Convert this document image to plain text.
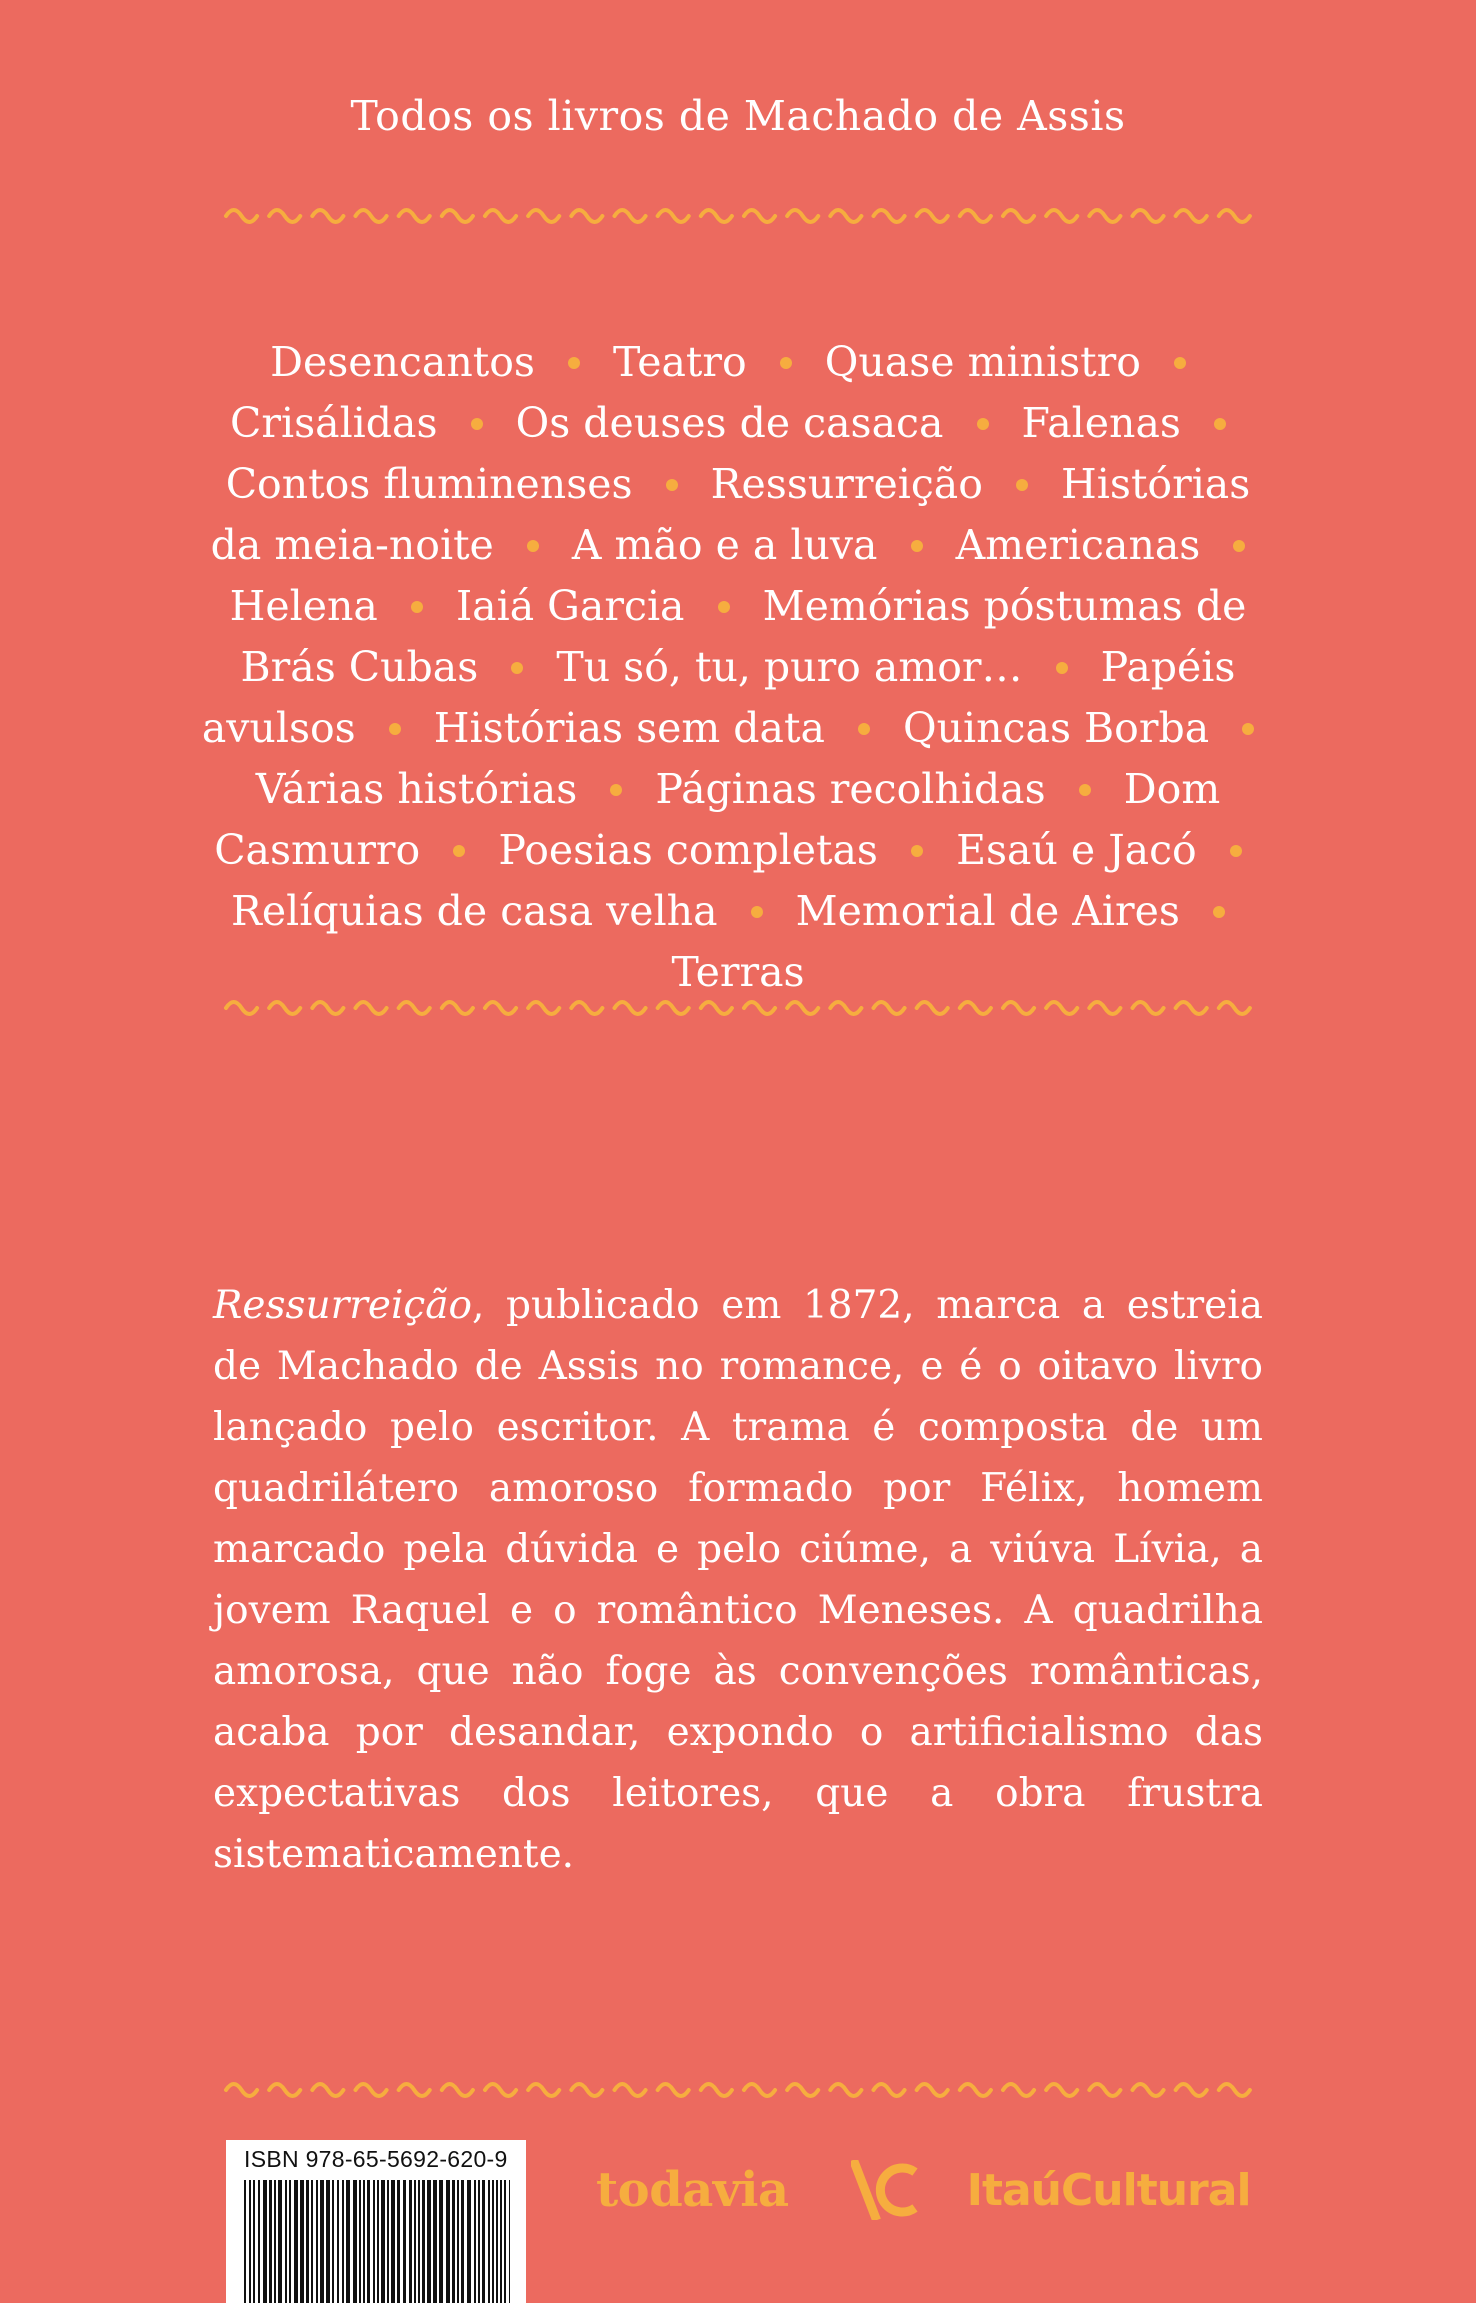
Todos os livros de Machado de Assis
Desencantos Teatro Quase ministro  Crisálidas Os deuses de casaca Falenas  Contos fluminenses Ressurreição Histórias da meia-noite A mão e a luva Americanas  Helena Iaiá Garcia Memórias póstumas de Brás Cubas Tu só, tu, puro amor… Papéis avulsos Histórias sem data Quincas Borba  Várias histórias Páginas recolhidas Dom Casmurro Poesias completas Esaú e Jacó  Relíquias de casa velha Memorial de Aires  Terras
Ressurreição, publicado em 1872, marca a estreia de Machado de Assis no romance, e é o oitavo livro lançado pelo escritor. A trama é composta de um quadrilátero amoroso formado por Félix, homem marcado pela dúvida e pelo ciúme, a viúva Lívia, a jovem Raquel e o romântico Meneses. A quadrilha amorosa, que não foge às convenções românticas, acaba por desandar, expondo o artificialismo das expectativas dos leitores, que a obra frustra sistematicamente.
ISBN 978-65-5692-620-9
todavia	ItaúCultural
